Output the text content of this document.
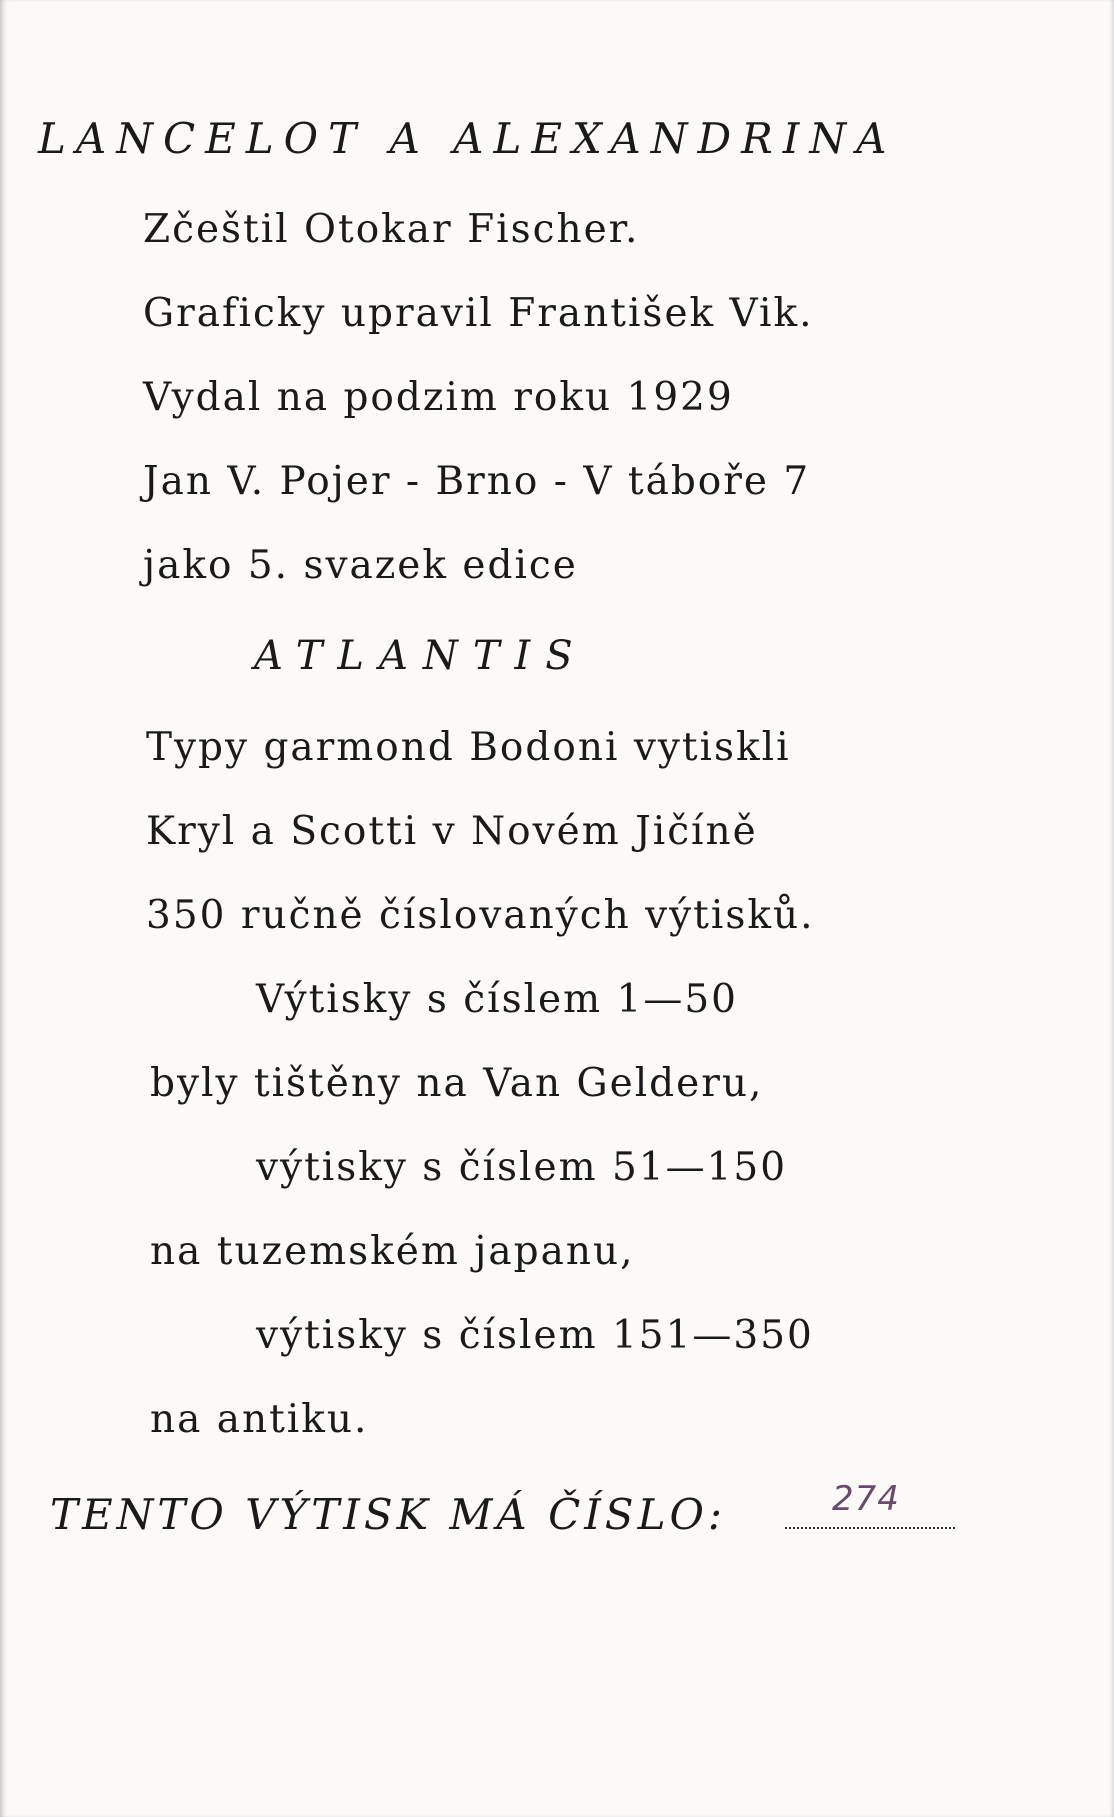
LANCELOT A ALEXANDRINA
Zčeštil Otokar Fischer.
Graficky upravil František Vik.
Vydal na podzim roku 1929
Jan V. Pojer - Brno - V táboře 7
jako 5. svazek edice
ATLANTIS
Typy garmond Bodoni vytiskli
Kryl a Scotti v Novém Jičíně
350 ručně číslovaných výtisků.
Výtisky s číslem 1—50
byly tištěny na Van Gelderu,
výtisky s číslem 51—150
na tuzemském japanu,
výtisky s číslem 151—350
na antiku.
TENTO VÝTISK MÁ ČÍSLO:	274
